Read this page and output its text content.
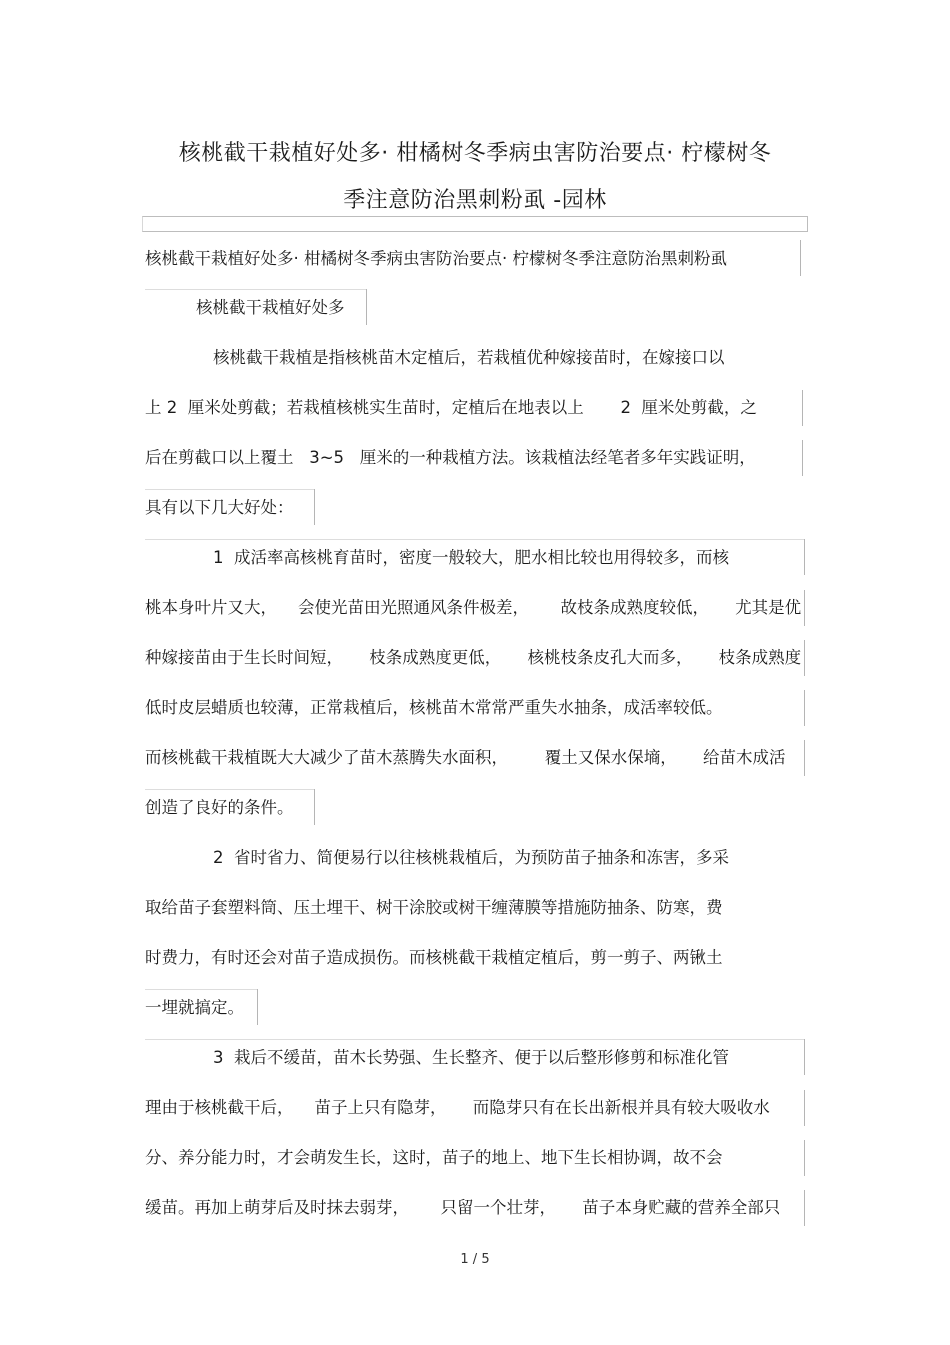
核桃截干栽植好处多· 柑橘树冬季病虫害防治要点· 柠檬树冬
季注意防治黑刺粉虱 -园林
核桃截干栽植好处多· 柑橘树冬季病虫害防治要点· 柠檬树冬季注意防治黑刺粉虱
核桃截干栽植好处多
核桃截干栽植是指核桃苗木定植后，若栽植优种嫁接苗时，在嫁接口以
上 2  厘米处剪截；若栽植核桃实生苗时，定植后在地表以上       2  厘米处剪截，之
后在剪截口以上覆土   3~5   厘米的一种栽植方法。该栽植法经笔者多年实践证明，
具有以下几大好处：
1  成活率高核桃育苗时，密度一般较大，肥水相比较也用得较多，而核
桃本身叶片又大，    会使光苗田光照通风条件极差，      故枝条成熟度较低，     尤其是优
种嫁接苗由于生长时间短，     枝条成熟度更低，     核桃枝条皮孔大而多，     枝条成熟度
低时皮层蜡质也较薄，正常栽植后，核桃苗木常常严重失水抽条，成活率较低。
而核桃截干栽植既大大减少了苗木蒸腾失水面积，       覆土又保水保墒，     给苗木成活
创造了良好的条件。
2  省时省力、简便易行以往核桃栽植后，为预防苗子抽条和冻害，多采
取给苗子套塑料筒、压土埋干、树干涂胶或树干缠薄膜等措施防抽条、防寒，费
时费力，有时还会对苗子造成损伤。而核桃截干栽植定植后，剪一剪子、两锹土
一埋就搞定。
3  栽后不缓苗，苗木长势强、生长整齐、便于以后整形修剪和标准化管
理由于核桃截干后，    苗子上只有隐芽，     而隐芽只有在长出新根并具有较大吸收水
分、养分能力时，才会萌发生长，这时，苗子的地上、地下生长相协调，故不会
缓苗。再加上萌芽后及时抹去弱芽，      只留一个壮芽，     苗子本身贮藏的营养全部只
1 / 5
